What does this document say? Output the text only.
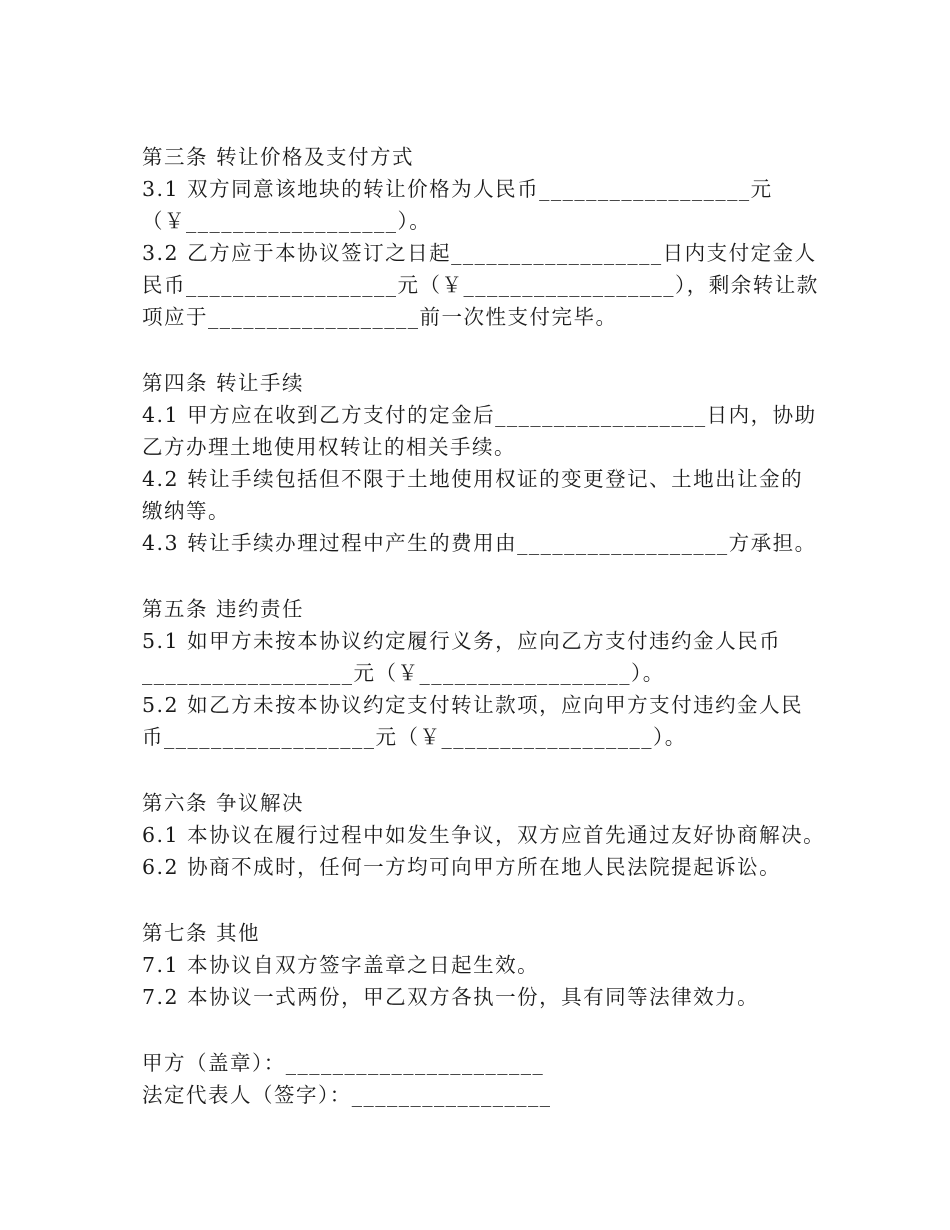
第三条 转让价格及支付方式
3.1 双方同意该地块的转让价格为人民币__________________元
（￥__________________）。
3.2 乙方应于本协议签订之日起__________________日内支付定金人
民币__________________元（￥__________________），剩余转让款
项应于__________________前一次性支付完毕。
第四条 转让手续
4.1 甲方应在收到乙方支付的定金后__________________日内，协助
乙方办理土地使用权转让的相关手续。
4.2 转让手续包括但不限于土地使用权证的变更登记、土地出让金的
缴纳等。
4.3 转让手续办理过程中产生的费用由__________________方承担。
第五条 违约责任
5.1 如甲方未按本协议约定履行义务，应向乙方支付违约金人民币
__________________元（￥__________________）。
5.2 如乙方未按本协议约定支付转让款项，应向甲方支付违约金人民
币__________________元（￥__________________）。
第六条 争议解决
6.1 本协议在履行过程中如发生争议，双方应首先通过友好协商解决。
6.2 协商不成时，任何一方均可向甲方所在地人民法院提起诉讼。
第七条 其他
7.1 本协议自双方签字盖章之日起生效。
7.2 本协议一式两份，甲乙双方各执一份，具有同等法律效力。
甲方（盖章）：______________________
法定代表人（签字）：_________________
